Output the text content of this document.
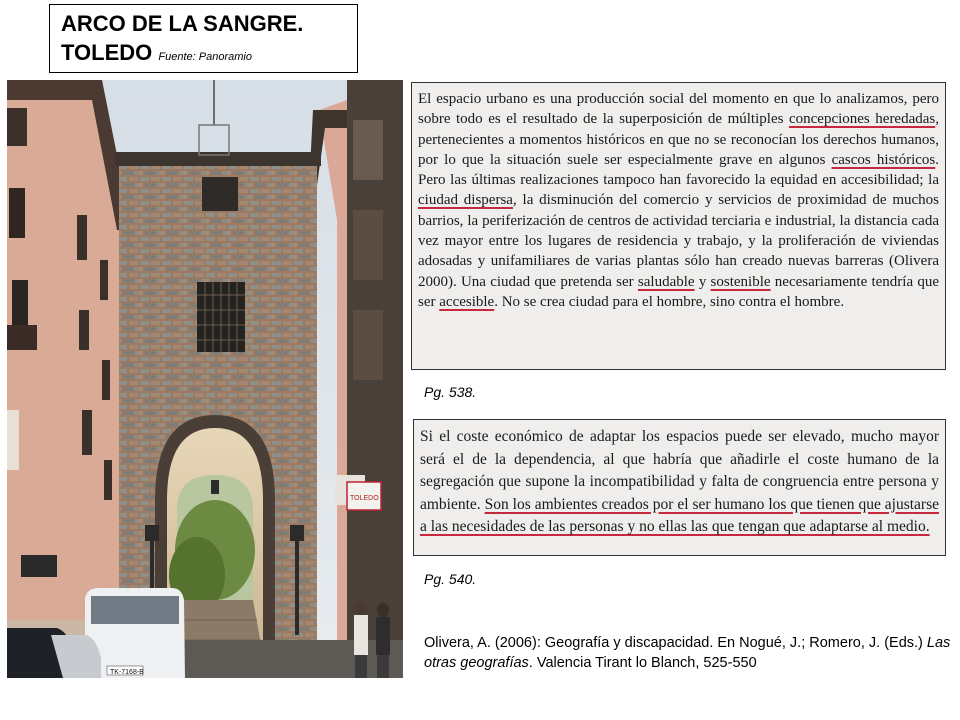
ARCO DE LA SANGRE.
TOLEDO Fuente: Panoramio
TK-7168-B
TOLEDO
El espacio urbano es una producción social del momento en que lo analizamos, pero sobre todo es el resultado de la superposición de múltiples concepciones heredadas, pertenecientes a momentos históricos en que no se reconocían los derechos humanos, por lo que la situación suele ser especialmente grave en algunos cascos históricos. Pero las últimas realizaciones tampoco han favorecido la equidad en accesibilidad; la ciudad dispersa, la disminución del comercio y servicios de proximidad de muchos barrios, la periferización de centros de actividad terciaria e industrial, la distancia cada vez mayor entre los lugares de residencia y trabajo, y la proliferación de viviendas adosadas y unifamiliares de varias plantas sólo han creado nuevas barreras (Olivera 2000). Una ciudad que pretenda ser saludable y sostenible necesariamente tendría que ser accesible. No se crea ciudad para el hombre, sino contra el hombre.
Pg. 538.
Si el coste económico de adaptar los espacios puede ser elevado, mucho mayor será el de la dependencia, al que habría que añadirle el coste humano de la segregación que supone la incompatibilidad y falta de congruencia entre persona y ambiente. Son los ambientes creados por el ser humano los que tienen que ajustarse a las necesidades de las personas y no ellas las que tengan que adaptarse al medio.
Pg. 540.
Olivera, A. (2006): Geografía y discapacidad. En Nogué, J.; Romero, J. (Eds.) Las otras geografías. Valencia Tirant lo Blanch, 525-550
